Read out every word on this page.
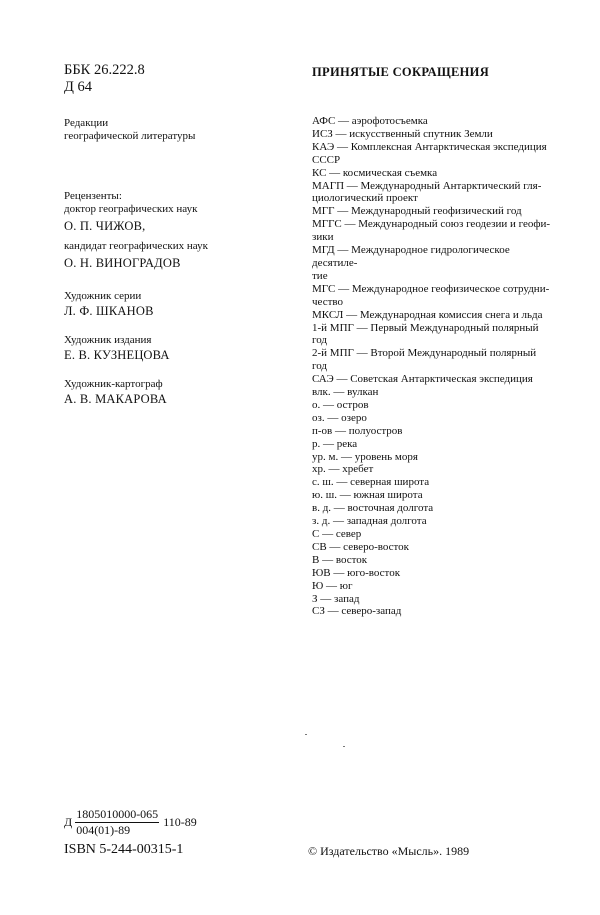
ББК 26.222.8
Д 64
Редакции
географической литературы
Рецензенты:
доктор географических наук
О. П. ЧИЖОВ,
кандидат географических наук
О. Н. ВИНОГРАДОВ
Художник серии
Л. Ф. ШКАНОВ
Художник издания
Е. В. КУЗНЕЦОВА
Художник-картограф
А. В. МАКАРОВА
ПРИНЯТЫЕ СОКРАЩЕНИЯ
АФС — аэрофотосъемка
ИСЗ — искусственный спутник Земли
КАЭ — Комплексная Антарктическая экспедиция
СССР
КС — космическая съемка
МАГП — Международный Антарктический гля-
циологический проект
МГГ — Международный геофизический год
МГГС — Международный союз геодезии и геофи-
зики
МГД — Международное гидрологическое десятиле-
тие
МГС — Международное геофизическое сотрудни-
чество
МКСЛ — Международная комиссия снега и льда
1-й МПГ — Первый Международный полярный год
2-й МПГ — Второй Международный полярный год
САЭ — Советская Антарктическая экспедиция
влк. — вулкан
о. — остров
оз. — озеро
п-ов — полуостров
р. — река
ур. м. — уровень моря
хр. — хребет
с. ш. — северная широта
ю. ш. — южная широта
в. д. — восточная долгота
з. д. — западная долгота
С — север
СВ — северо-восток
В — восток
ЮВ — юго-восток
Ю — юг
З — запад
СЗ — северо-запад
Д $\frac{1805010000-065}{004(01)-89} 110-89$
ISBN 5-244-00315-1	© Издательство «Мысль». 1989
